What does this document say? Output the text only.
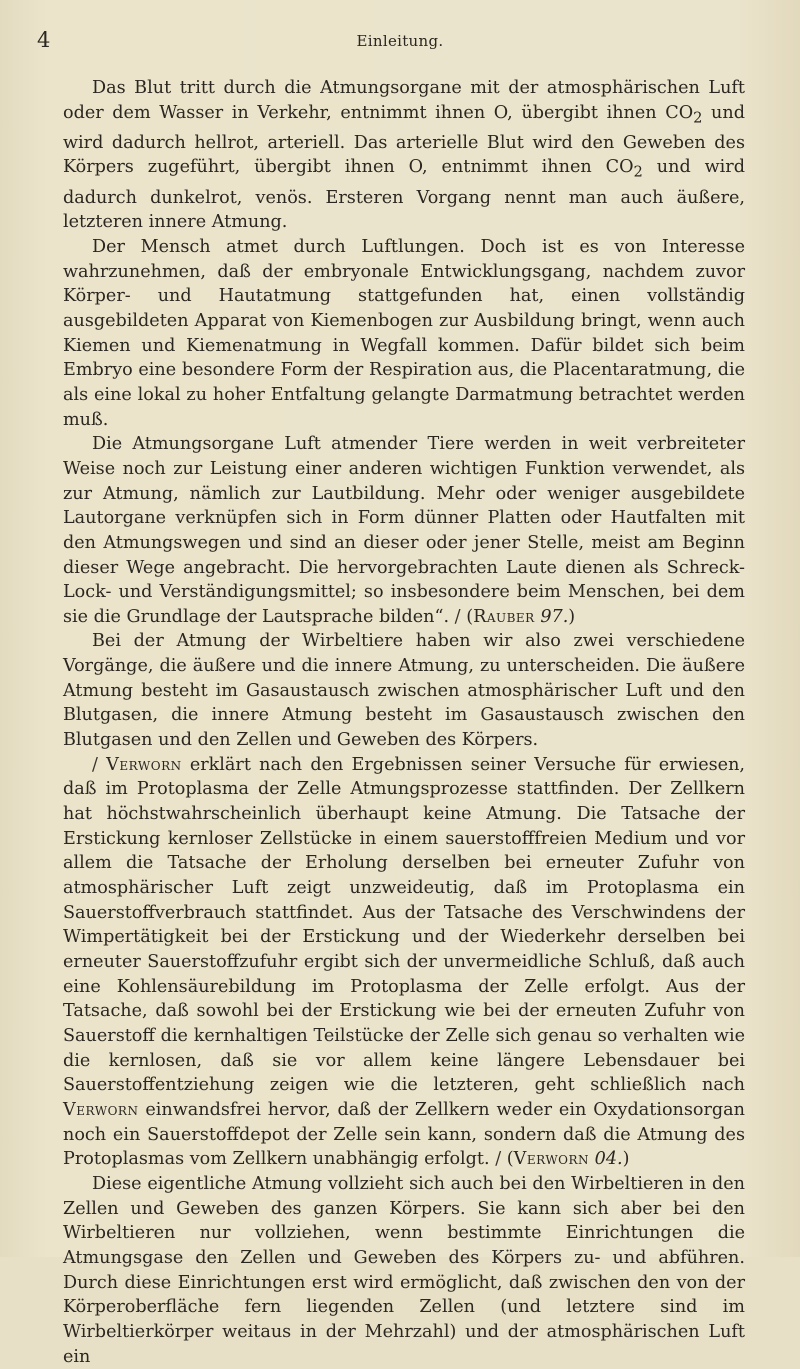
4	Einleitung.

Das Blut tritt durch die Atmungsorgane mit der atmosphärischen Luft oder dem Wasser in Verkehr, entnimmt ihnen O, übergibt ihnen $CO_2$ und wird dadurch hellrot, arteriell. Das arterielle Blut wird den Geweben des Körpers zugeführt, übergibt ihnen O, entnimmt ihnen $CO_2$ und wird dadurch dunkelrot, venös. Ersteren Vorgang nennt man auch äußere, letzteren innere Atmung.

Der Mensch atmet durch Luftlungen. Doch ist es von Interesse wahrzunehmen, daß der embryonale Entwicklungsgang, nachdem zuvor Körper- und Hautatmung stattgefunden hat, einen vollständig ausgebildeten Apparat von Kiemenbogen zur Ausbildung bringt, wenn auch Kiemen und Kiemenatmung in Wegfall kommen. Dafür bildet sich beim Embryo eine besondere Form der Respiration aus, die Placentaratmung, die als eine lokal zu hoher Entfaltung gelangte Darmatmung betrachtet werden muß.

Die Atmungsorgane Luft atmender Tiere werden in weit verbreiteter Weise noch zur Leistung einer anderen wichtigen Funktion verwendet, als zur Atmung, nämlich zur Lautbildung. Mehr oder weniger ausgebildete Lautorgane verknüpfen sich in Form dünner Platten oder Hautfalten mit den Atmungswegen und sind an dieser oder jener Stelle, meist am Beginn dieser Wege angebracht. Die hervorgebrachten Laute dienen als Schreck- Lock- und Verständigungsmittel; so insbesondere beim Menschen, bei dem sie die Grundlage der Lautsprache bilden“. / (Rauber 97.)

Bei der Atmung der Wirbeltiere haben wir also zwei verschiedene Vorgänge, die äußere und die innere Atmung, zu unterscheiden. Die äußere Atmung besteht im Gasaustausch zwischen atmosphärischer Luft und den Blutgasen, die innere Atmung besteht im Gasaustausch zwischen den Blutgasen und den Zellen und Geweben des Körpers.

/ Verworn erklärt nach den Ergebnissen seiner Versuche für erwiesen, daß im Protoplasma der Zelle Atmungsprozesse stattfinden. Der Zellkern hat höchstwahrscheinlich überhaupt keine Atmung. Die Tatsache der Erstickung kernloser Zellstücke in einem sauerstofffreien Medium und vor allem die Tatsache der Erholung derselben bei erneuter Zufuhr von atmosphärischer Luft zeigt unzweideutig, daß im Protoplasma ein Sauerstoffverbrauch stattfindet. Aus der Tatsache des Verschwindens der Wimpertätigkeit bei der Erstickung und der Wiederkehr derselben bei erneuter Sauerstoffzufuhr ergibt sich der unvermeidliche Schluß, daß auch eine Kohlensäurebildung im Protoplasma der Zelle erfolgt. Aus der Tatsache, daß sowohl bei der Erstickung wie bei der erneuten Zufuhr von Sauerstoff die kernhaltigen Teilstücke der Zelle sich genau so verhalten wie die kernlosen, daß sie vor allem keine längere Lebensdauer bei Sauerstoffentziehung zeigen wie die letzteren, geht schließlich nach Verworn einwandsfrei hervor, daß der Zellkern weder ein Oxydationsorgan noch ein Sauerstoffdepot der Zelle sein kann, sondern daß die Atmung des Protoplasmas vom Zellkern unabhängig erfolgt. / (Verworn 04.)

Diese eigentliche Atmung vollzieht sich auch bei den Wirbeltieren in den Zellen und Geweben des ganzen Körpers. Sie kann sich aber bei den Wirbeltieren nur vollziehen, wenn bestimmte Einrichtungen die Atmungsgase den Zellen und Geweben des Körpers zu- und abführen. Durch diese Einrichtungen erst wird ermöglicht, daß zwischen den von der Körperoberfläche fern liegenden Zellen (und letztere sind im Wirbeltierkörper weitaus in der Mehrzahl) und der atmosphärischen Luft ein
